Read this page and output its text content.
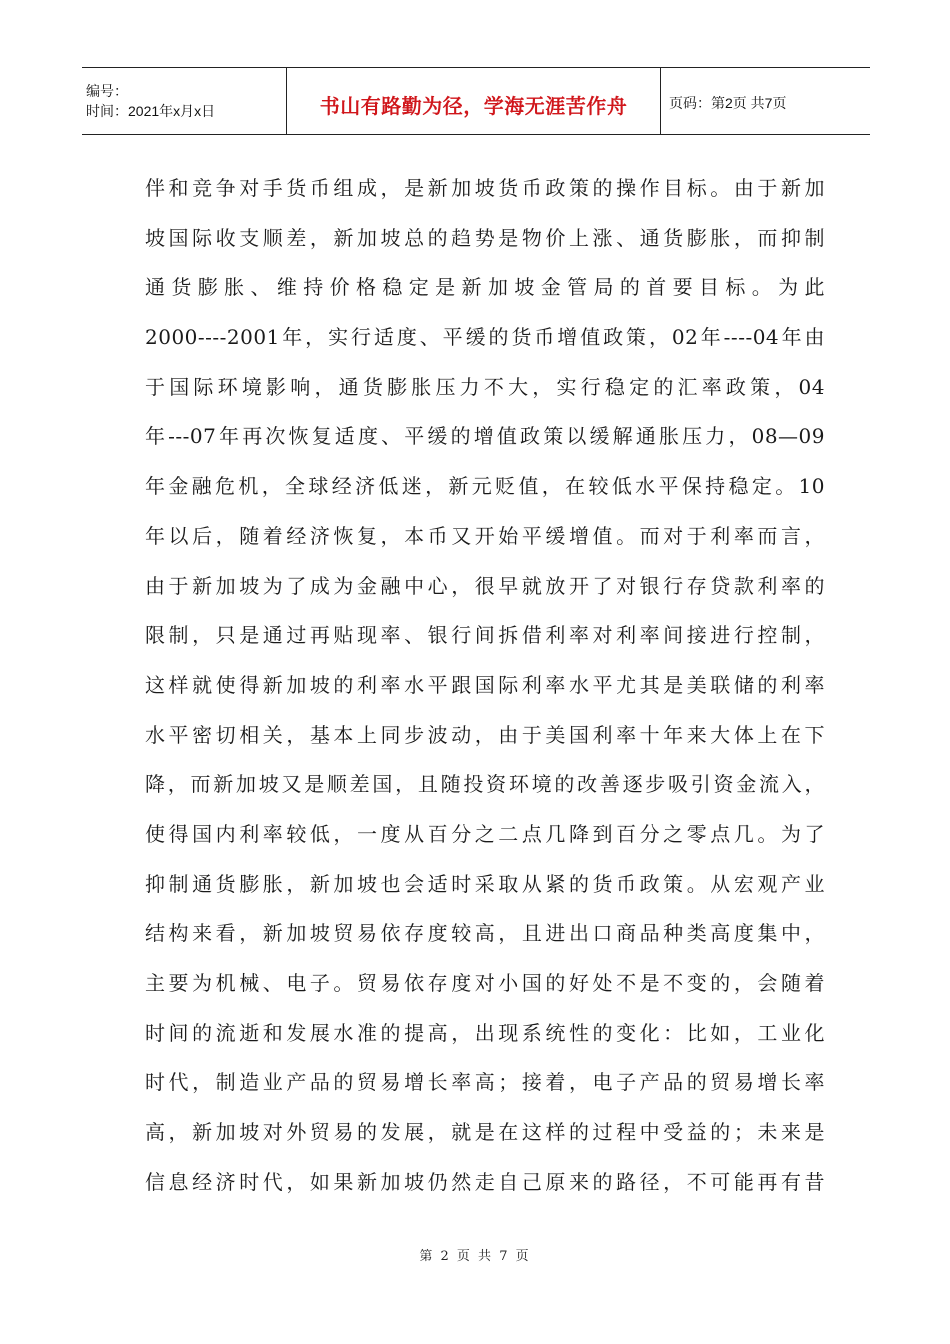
编号：
时间：2021年x月x日	书山有路勤为径，学海无涯苦作舟	页码：第2页 共7页
伴和竞争对手货币组成，是新加坡货币政策的操作目标。由于新加
坡国际收支顺差，新加坡总的趋势是物价上涨、通货膨胀，而抑制
通货膨胀、维持价格稳定是新加坡金管局的首要目标。为此
2000----2001年，实行适度、平缓的货币增值政策，02年----04年由
于国际环境影响，通货膨胀压力不大，实行稳定的汇率政策，04
年---07年再次恢复适度、平缓的增值政策以缓解通胀压力，08—09
年金融危机，全球经济低迷，新元贬值，在较低水平保持稳定。10
年以后，随着经济恢复，本币又开始平缓增值。而对于利率而言，
由于新加坡为了成为金融中心，很早就放开了对银行存贷款利率的
限制，只是通过再贴现率、银行间拆借利率对利率间接进行控制，
这样就使得新加坡的利率水平跟国际利率水平尤其是美联储的利率
水平密切相关，基本上同步波动，由于美国利率十年来大体上在下
降，而新加坡又是顺差国，且随投资环境的改善逐步吸引资金流入，
使得国内利率较低，一度从百分之二点几降到百分之零点几。为了
抑制通货膨胀，新加坡也会适时采取从紧的货币政策。从宏观产业
结构来看，新加坡贸易依存度较高，且进出口商品种类高度集中，
主要为机械、电子。贸易依存度对小国的好处不是不变的，会随着
时间的流逝和发展水准的提高，出现系统性的变化：比如，工业化
时代，制造业产品的贸易增长率高；接着，电子产品的贸易增长率
高，新加坡对外贸易的发展，就是在这样的过程中受益的；未来是
信息经济时代，如果新加坡仍然走自己原来的路径，不可能再有昔
第 2 页 共 7 页
